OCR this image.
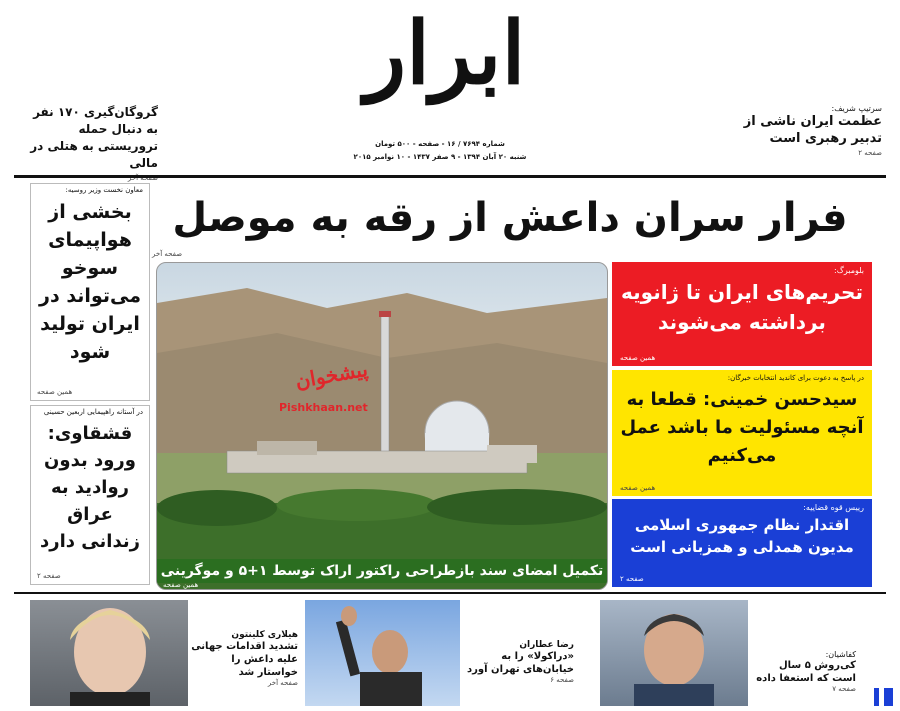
ابرار
شماره ۷۶۹۴ / ۱۶ - صفحه - ۵۰۰ تومان
شنبه ۲۰ آبان ۱۳۹۴ - ۹ صفر ۱۴۳۷ - ۱۰ نوامبر ۲۰۱۵
گروگان‌گیری ۱۷۰ نفر به دنبال حمله تروریستی به هتلی در مالی
صفحه آخر
سرتیپ شریف:
عظمت ایران ناشی از تدبیر رهبری است
صفحه ۲
فرار سران داعش از رقه به موصل
صفحه آخر
معاون نخست وزیر روسیه:
بخشی از هواپیمای سوخو می‌تواند در ایران تولید شود
همین صفحه
در آستانه راهپیمایی اربعین حسینی
قشقاوی: ورود بدون روادید به عراق زندانی دارد
صفحه ۲
پیشخوان
Pishkhaan.net
تکمیل امضای سند بازطراحی راکتور اراک توسط ۱+۵ و موگرینی
همین صفحه
بلومبرگ:
تحریم‌های ایران تا ژانویه برداشته می‌شوند
همین صفحه
در پاسخ به دعوت برای کاندید انتخابات خبرگان:
سیدحسن خمینی: قطعا به آنچه مسئولیت ما باشد عمل می‌کنیم
همین صفحه
رییس قوه قضاییه:
اقتدار نظام جمهوری اسلامی مدیون همدلی و همزبانی است
صفحه ۲
هیلاری کلینتون
تشدید اقدامات جهانی علیه داعش را خواستار شد
صفحه آخر
رضا عطاران
«دراکولا» را به خیابان‌های تهران آورد
صفحه ۶
کفاشیان:
کی‌روش ۵ سال است که استعفا داده
صفحه ۷
